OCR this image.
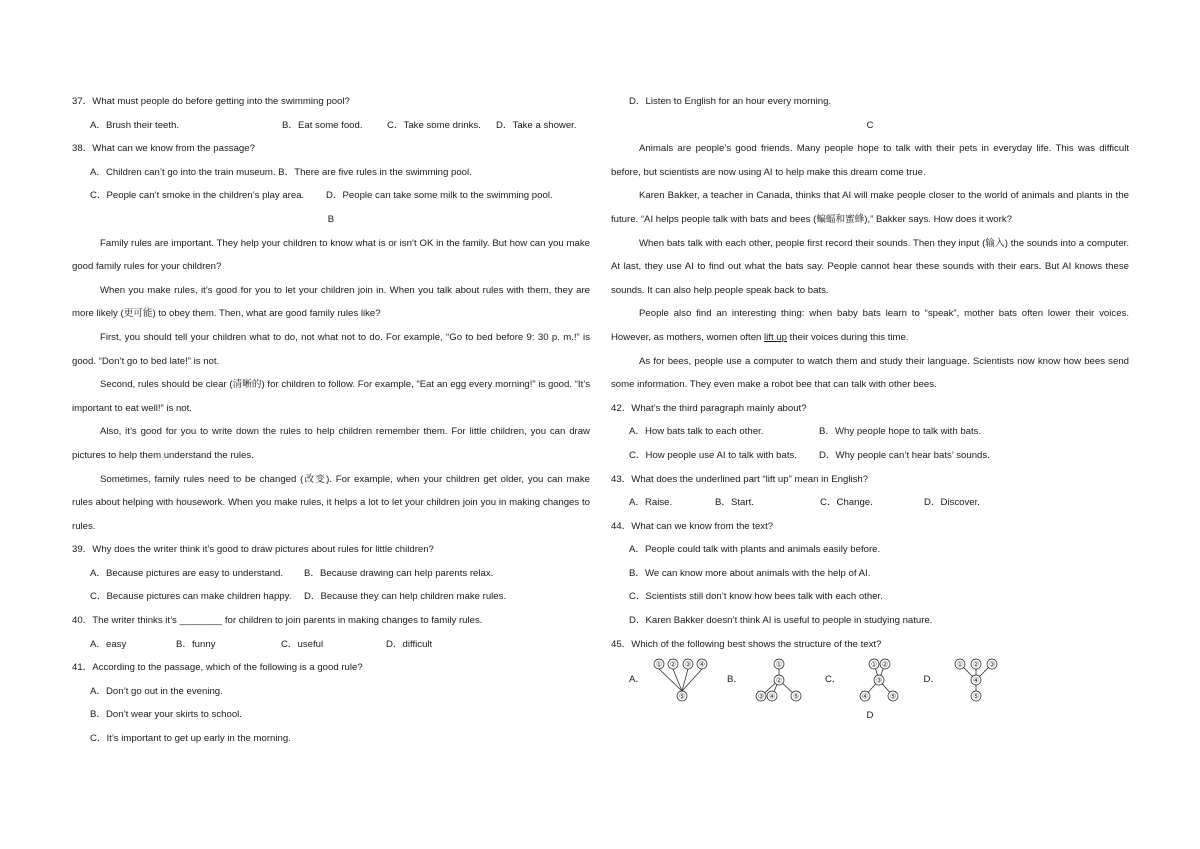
37．What must people do before getting into the swimming pool?
A．Brush their teeth.	B．Eat some food.	C．Take some drinks.	D．Take a shower.
38．What can we know from the passage?
A．Children can’t go into the train museum. B．There are five rules in the swimming pool.
C．People can’t smoke in the children’s play area.	D．People can take some milk to the swimming pool.
B

Family rules are important. They help your children to know what is or isn’t OK in the family. But how can you make good family rules for your children?

When you make rules, it’s good for you to let your children join in. When you talk about rules with them, they are more likely (更可能) to obey them. Then, what are good family rules like?

First, you should tell your children what to do, not what not to do. For example, “Go to bed before 9: 30 p. m.!” is good. “Don’t go to bed late!” is not.

Second, rules should be clear (清晰的) for children to follow. For example, “Eat an egg every morning!” is good. “It’s important to eat well!” is not.

Also, it’s good for you to write down the rules to help children remember them. For little children, you can draw pictures to help them understand the rules.

Sometimes, family rules need to be changed (改变). For example, when your children get older, you can make rules about helping with housework. When you make rules, it helps a lot to let your children join you in making changes to rules.

39．Why does the writer think it’s good to draw pictures about rules for little children?
A．Because pictures are easy to understand.	B．Because drawing can help parents relax.
C．Because pictures can make children happy.	D．Because they can help children make rules.
40．The writer thinks it’s ________ for children to join parents in making changes to family rules.
A．easy	B．funny	C．useful	D．difficult
41．According to the passage, which of the following is a good rule?
A．Don’t go out in the evening.
B．Don’t wear your skirts to school.
C．It’s important to get up early in the morning.
D．Listen to English for an hour every morning.
C

Animals are people’s good friends. Many people hope to talk with their pets in everyday life. This was difficult before, but scientists are now using AI to help make this dream come true.

Karen Bakker, a teacher in Canada, thinks that AI will make people closer to the world of animals and plants in the future. “AI helps people talk with bats and bees (蝙蝠和蜜蜂),” Bakker says. How does it work?

When bats talk with each other, people first record their sounds. Then they input (输入) the sounds into a computer. At last, they use AI to find out what the bats say. People cannot hear these sounds with their ears. But AI knows these sounds. It can also help people speak back to bats.

People also find an interesting thing: when baby bats learn to “speak”, mother bats often lower their voices. However, as mothers, women often lift up their voices during this time.

As for bees, people use a computer to watch them and study their language. Scientists now know how bees send some information. They even make a robot bee that can talk with other bees.

42．What’s the third paragraph mainly about?
A．How bats talk to each other.	B．Why people hope to talk with bats.
C．How people use AI to talk with bats.	D．Why people can’t hear bats’ sounds.
43．What does the underlined part “lift up” mean in English?
A．Raise.	B．Start.	C．Change.	D．Discover.
44．What can we know from the text?
A．People could talk with plants and animals easily before.
B．We can know more about animals with the help of AI.
C．Scientists still don’t know how bees talk with each other.
D．Karen Bakker doesn’t think AI is useful to people in studying nature.
45．Which of the following best shows the structure of the text?
A．
① ② ③ ④
⑤
B．
①
②
③ ④	⑤
C．
① ②
③
④	⑤
D．
① ② ③
④
⑤
D
